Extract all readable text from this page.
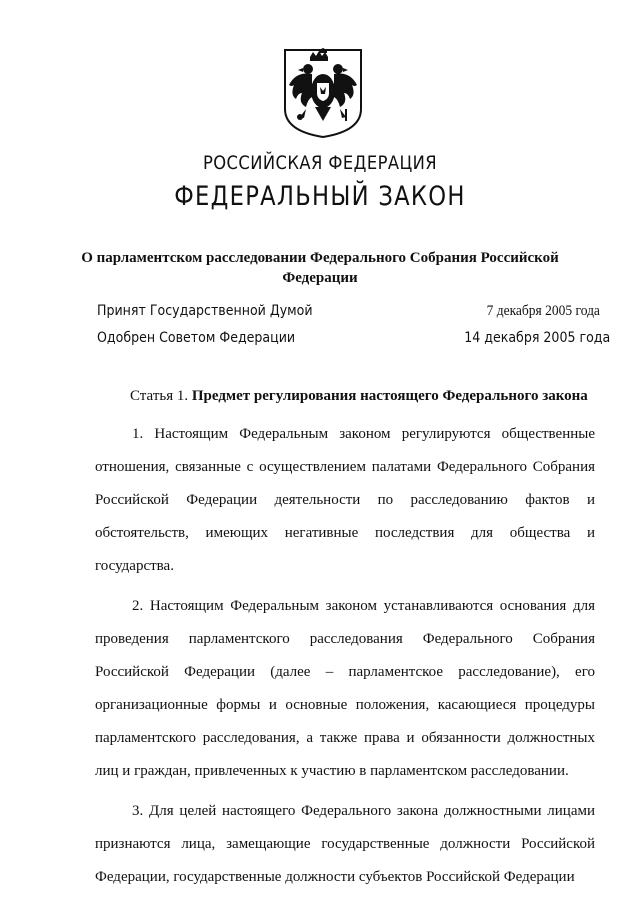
РОССИЙСКАЯ ФЕДЕРАЦИЯ
ФЕДЕРАЛЬНЫЙ ЗАКОН
О парламентском расследовании Федерального Собрания Российской Федерации
Принят Государственной Думой	7 декабря 2005 года
Одобрен Советом Федерации	14 декабря 2005 года
Статья 1. Предмет регулирования настоящего Федерального закона

1. Настоящим Федеральным законом регулируются общественные отношения, связанные с осуществлением палатами Федерального Собрания Российской Федерации деятельности по расследованию фактов и обстоятельств, имеющих негативные последствия для общества и государства.

2. Настоящим Федеральным законом устанавливаются основания для проведения парламентского расследования Федерального Собрания Российской Федерации (далее – парламентское расследование), его организационные формы и основные положения, касающиеся процедуры парламентского расследования, а также права и обязанности должностных лиц и граждан, привлеченных к участию в парламентском расследовании.

3. Для целей настоящего Федерального закона должностными лицами признаются лица, замещающие государственные должности Российской Федерации, государственные должности субъектов Российской Федерации
